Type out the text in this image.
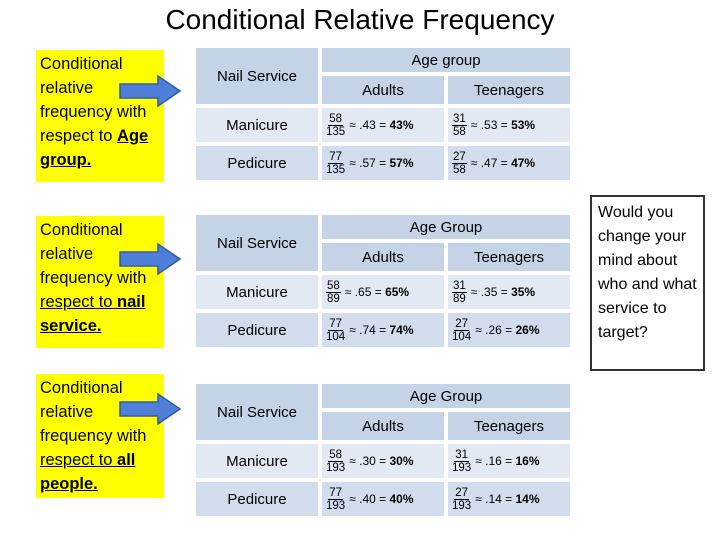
Conditional Relative Frequency
Conditional relative frequency with respect to Age group.
Conditional relative frequency with respect to nail service.
Conditional relative frequency with respect to all people.
Nail Service
Age group
Adults	Teenagers
Manicure	$\frac{58}{135} \approx .43 = 43\%$	$\frac{31}{58} \approx .53 = 53\%$
Pedicure	$\frac{77}{135} \approx .57 = 57\%$	$\frac{27}{58} \approx .47 = 47\%$
Nail Service
Age Group
Adults	Teenagers
Manicure	$\frac{58}{89} \approx .65 = 65\%$	$\frac{31}{89} \approx .35 = 35\%$
Pedicure	$\frac{77}{104} \approx .74 = 74\%$	$\frac{27}{104} \approx .26 = 26\%$
Nail Service
Age Group
Adults	Teenagers
Manicure	$\frac{58}{193} \approx .30 = 30\%$	$\frac{31}{193} \approx .16 = 16\%$
Pedicure	$\frac{77}{193} \approx .40 = 40\%$	$\frac{27}{193} \approx .14 = 14\%$
Would you change your mind about who and what service to target?
